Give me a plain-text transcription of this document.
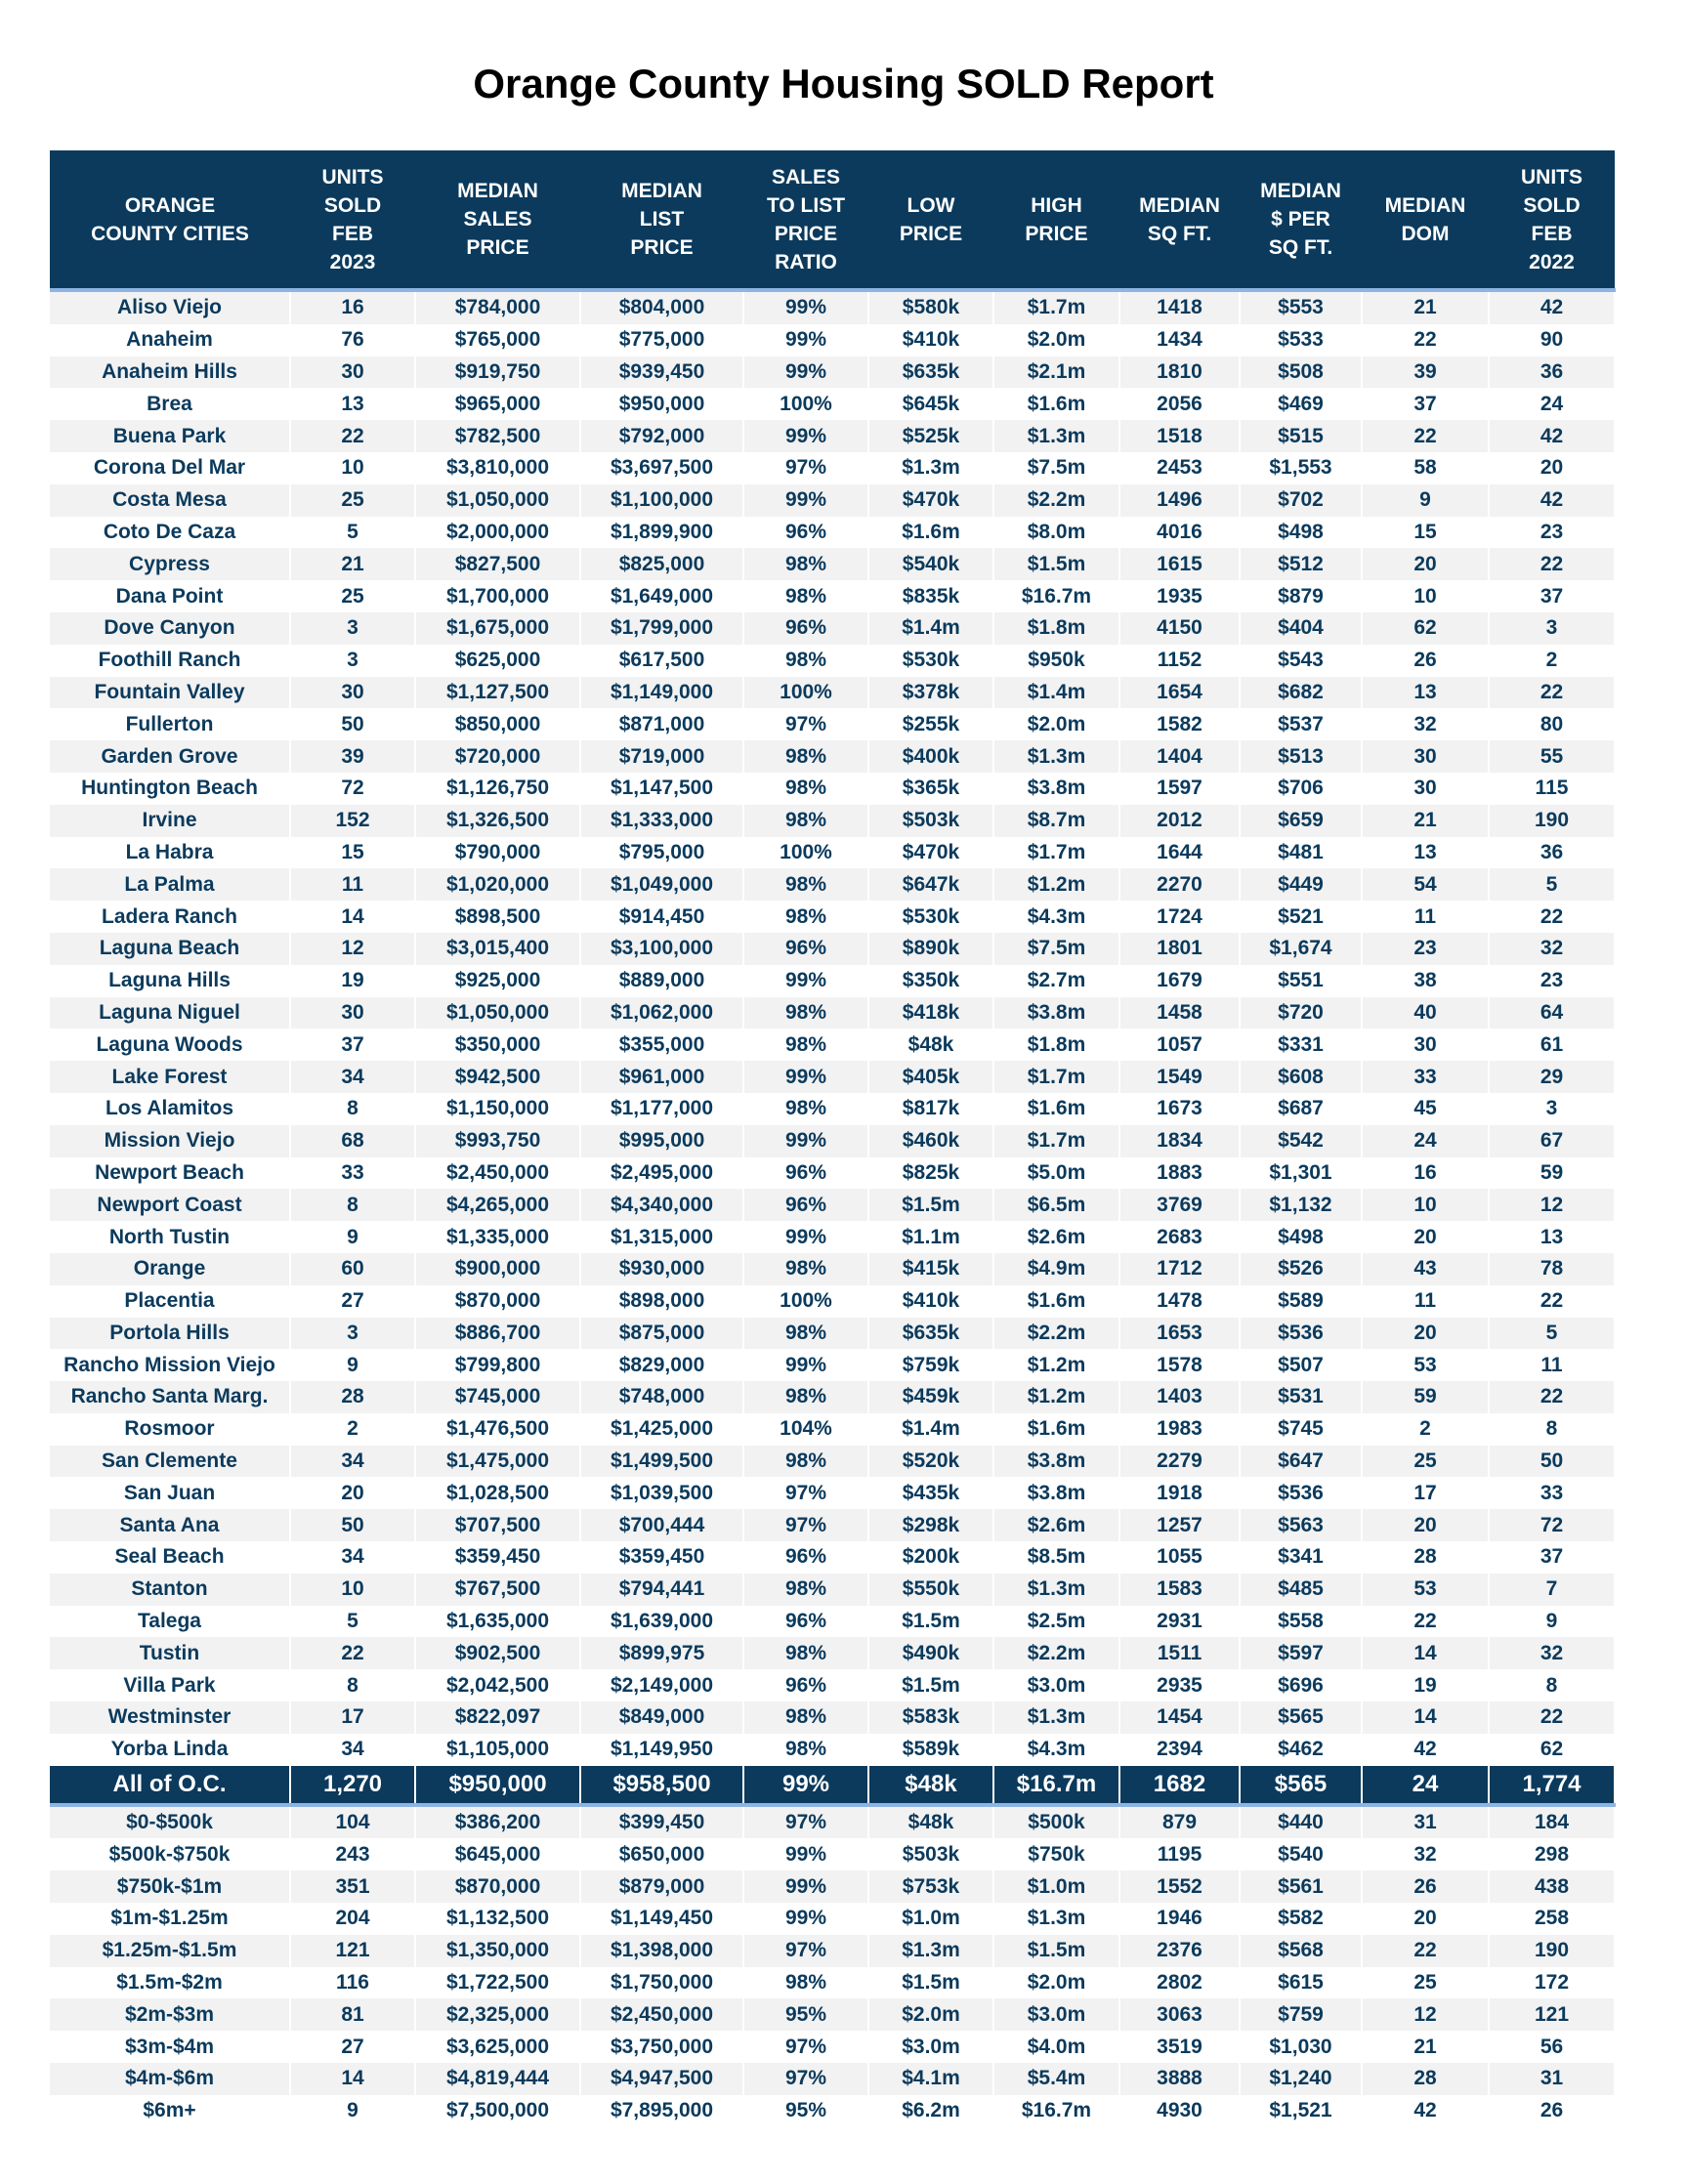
Orange County Housing SOLD Report
ORANGE
COUNTY CITIES	UNITS
SOLD
FEB
2023	MEDIAN
SALES
PRICE	MEDIAN
LIST
PRICE	SALES
TO LIST
PRICE
RATIO	LOW
PRICE	HIGH
PRICE	MEDIAN
SQ FT.	MEDIAN
$ PER
SQ FT.	MEDIAN
DOM	UNITS
SOLD
FEB
2022
Aliso Viejo	16	$784,000	$804,000	99%	$580k	$1.7m	1418	$553	21	42
Anaheim	76	$765,000	$775,000	99%	$410k	$2.0m	1434	$533	22	90
Anaheim Hills	30	$919,750	$939,450	99%	$635k	$2.1m	1810	$508	39	36
Brea	13	$965,000	$950,000	100%	$645k	$1.6m	2056	$469	37	24
Buena Park	22	$782,500	$792,000	99%	$525k	$1.3m	1518	$515	22	42
Corona Del Mar	10	$3,810,000	$3,697,500	97%	$1.3m	$7.5m	2453	$1,553	58	20
Costa Mesa	25	$1,050,000	$1,100,000	99%	$470k	$2.2m	1496	$702	9	42
Coto De Caza	5	$2,000,000	$1,899,900	96%	$1.6m	$8.0m	4016	$498	15	23
Cypress	21	$827,500	$825,000	98%	$540k	$1.5m	1615	$512	20	22
Dana Point	25	$1,700,000	$1,649,000	98%	$835k	$16.7m	1935	$879	10	37
Dove Canyon	3	$1,675,000	$1,799,000	96%	$1.4m	$1.8m	4150	$404	62	3
Foothill Ranch	3	$625,000	$617,500	98%	$530k	$950k	1152	$543	26	2
Fountain Valley	30	$1,127,500	$1,149,000	100%	$378k	$1.4m	1654	$682	13	22
Fullerton	50	$850,000	$871,000	97%	$255k	$2.0m	1582	$537	32	80
Garden Grove	39	$720,000	$719,000	98%	$400k	$1.3m	1404	$513	30	55
Huntington Beach	72	$1,126,750	$1,147,500	98%	$365k	$3.8m	1597	$706	30	115
Irvine	152	$1,326,500	$1,333,000	98%	$503k	$8.7m	2012	$659	21	190
La Habra	15	$790,000	$795,000	100%	$470k	$1.7m	1644	$481	13	36
La Palma	11	$1,020,000	$1,049,000	98%	$647k	$1.2m	2270	$449	54	5
Ladera Ranch	14	$898,500	$914,450	98%	$530k	$4.3m	1724	$521	11	22
Laguna Beach	12	$3,015,400	$3,100,000	96%	$890k	$7.5m	1801	$1,674	23	32
Laguna Hills	19	$925,000	$889,000	99%	$350k	$2.7m	1679	$551	38	23
Laguna Niguel	30	$1,050,000	$1,062,000	98%	$418k	$3.8m	1458	$720	40	64
Laguna Woods	37	$350,000	$355,000	98%	$48k	$1.8m	1057	$331	30	61
Lake Forest	34	$942,500	$961,000	99%	$405k	$1.7m	1549	$608	33	29
Los Alamitos	8	$1,150,000	$1,177,000	98%	$817k	$1.6m	1673	$687	45	3
Mission Viejo	68	$993,750	$995,000	99%	$460k	$1.7m	1834	$542	24	67
Newport Beach	33	$2,450,000	$2,495,000	96%	$825k	$5.0m	1883	$1,301	16	59
Newport Coast	8	$4,265,000	$4,340,000	96%	$1.5m	$6.5m	3769	$1,132	10	12
North Tustin	9	$1,335,000	$1,315,000	99%	$1.1m	$2.6m	2683	$498	20	13
Orange	60	$900,000	$930,000	98%	$415k	$4.9m	1712	$526	43	78
Placentia	27	$870,000	$898,000	100%	$410k	$1.6m	1478	$589	11	22
Portola Hills	3	$886,700	$875,000	98%	$635k	$2.2m	1653	$536	20	5
Rancho Mission Viejo	9	$799,800	$829,000	99%	$759k	$1.2m	1578	$507	53	11
Rancho Santa Marg.	28	$745,000	$748,000	98%	$459k	$1.2m	1403	$531	59	22
Rosmoor	2	$1,476,500	$1,425,000	104%	$1.4m	$1.6m	1983	$745	2	8
San Clemente	34	$1,475,000	$1,499,500	98%	$520k	$3.8m	2279	$647	25	50
San Juan	20	$1,028,500	$1,039,500	97%	$435k	$3.8m	1918	$536	17	33
Santa Ana	50	$707,500	$700,444	97%	$298k	$2.6m	1257	$563	20	72
Seal Beach	34	$359,450	$359,450	96%	$200k	$8.5m	1055	$341	28	37
Stanton	10	$767,500	$794,441	98%	$550k	$1.3m	1583	$485	53	7
Talega	5	$1,635,000	$1,639,000	96%	$1.5m	$2.5m	2931	$558	22	9
Tustin	22	$902,500	$899,975	98%	$490k	$2.2m	1511	$597	14	32
Villa Park	8	$2,042,500	$2,149,000	96%	$1.5m	$3.0m	2935	$696	19	8
Westminster	17	$822,097	$849,000	98%	$583k	$1.3m	1454	$565	14	22
Yorba Linda	34	$1,105,000	$1,149,950	98%	$589k	$4.3m	2394	$462	42	62
All of O.C.	1,270	$950,000	$958,500	99%	$48k	$16.7m	1682	$565	24	1,774
$0-$500k	104	$386,200	$399,450	97%	$48k	$500k	879	$440	31	184
$500k-$750k	243	$645,000	$650,000	99%	$503k	$750k	1195	$540	32	298
$750k-$1m	351	$870,000	$879,000	99%	$753k	$1.0m	1552	$561	26	438
$1m-$1.25m	204	$1,132,500	$1,149,450	99%	$1.0m	$1.3m	1946	$582	20	258
$1.25m-$1.5m	121	$1,350,000	$1,398,000	97%	$1.3m	$1.5m	2376	$568	22	190
$1.5m-$2m	116	$1,722,500	$1,750,000	98%	$1.5m	$2.0m	2802	$615	25	172
$2m-$3m	81	$2,325,000	$2,450,000	95%	$2.0m	$3.0m	3063	$759	12	121
$3m-$4m	27	$3,625,000	$3,750,000	97%	$3.0m	$4.0m	3519	$1,030	21	56
$4m-$6m	14	$4,819,444	$4,947,500	97%	$4.1m	$5.4m	3888	$1,240	28	31
$6m+	9	$7,500,000	$7,895,000	95%	$6.2m	$16.7m	4930	$1,521	42	26
